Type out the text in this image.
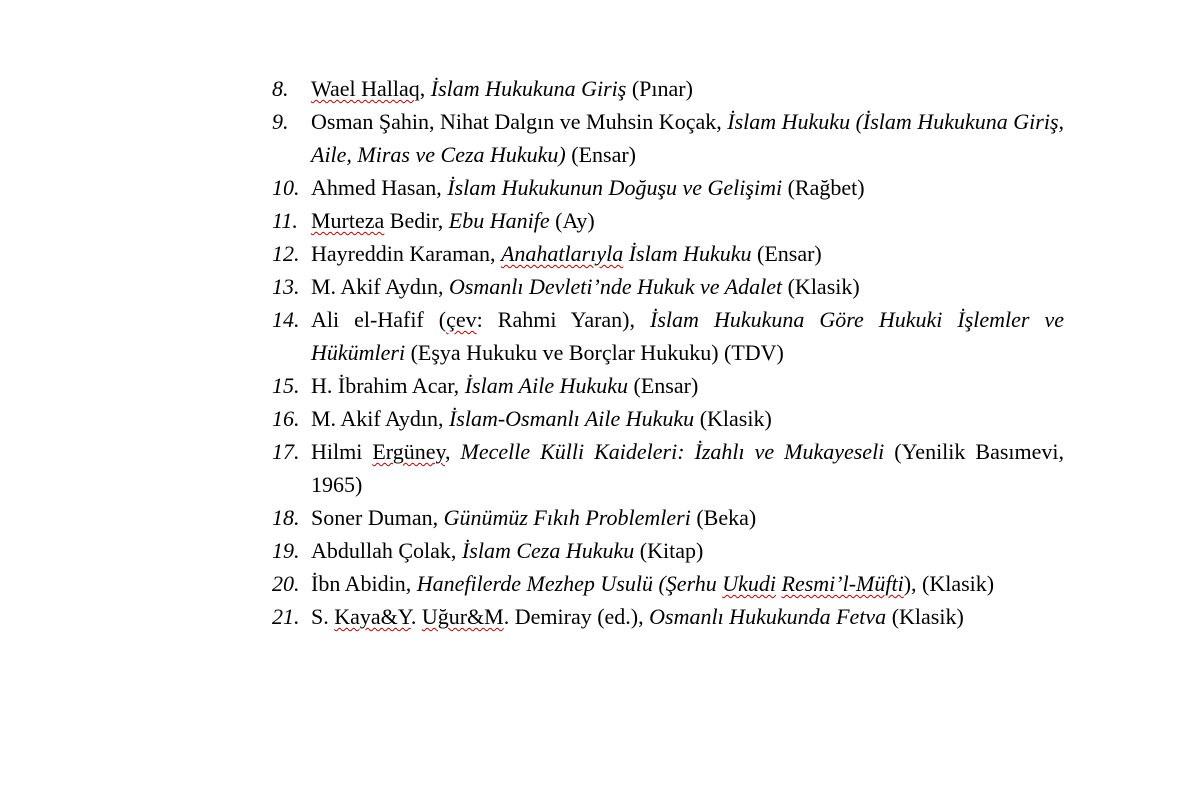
8.	Wael Hallaq, İslam Hukukuna Giriş (Pınar)
9.	Osman Şahin, Nihat Dalgın ve Muhsin Koçak, İslam Hukuku (İslam Hukukuna Giriş, Aile, Miras ve Ceza Hukuku) (Ensar)
10. Ahmed Hasan, İslam Hukukunun Doğuşu ve Gelişimi (Rağbet)
11. Murteza Bedir, Ebu Hanife (Ay)
12. Hayreddin Karaman, Anahatlarıyla İslam Hukuku (Ensar)
13. M. Akif Aydın, Osmanlı Devleti’nde Hukuk ve Adalet (Klasik)
14. Ali el-Hafif (çev: Rahmi Yaran), İslam Hukukuna Göre Hukuki İşlemler ve Hükümleri (Eşya Hukuku ve Borçlar Hukuku) (TDV)
15. H. İbrahim Acar, İslam Aile Hukuku (Ensar)
16. M. Akif Aydın, İslam-Osmanlı Aile Hukuku (Klasik)
17. Hilmi Ergüney, Mecelle Külli Kaideleri: İzahlı ve Mukayeseli (Yenilik Basımevi, 1965)
18. Soner Duman, Günümüz Fıkıh Problemleri (Beka)
19. Abdullah Çolak, İslam Ceza Hukuku (Kitap)
20. İbn Abidin, Hanefilerde Mezhep Usulü (Şerhu Ukudi Resmi’l-Müfti), (Klasik)
21. S. Kaya&Y. Uğur&M. Demiray (ed.), Osmanlı Hukukunda Fetva (Klasik)
